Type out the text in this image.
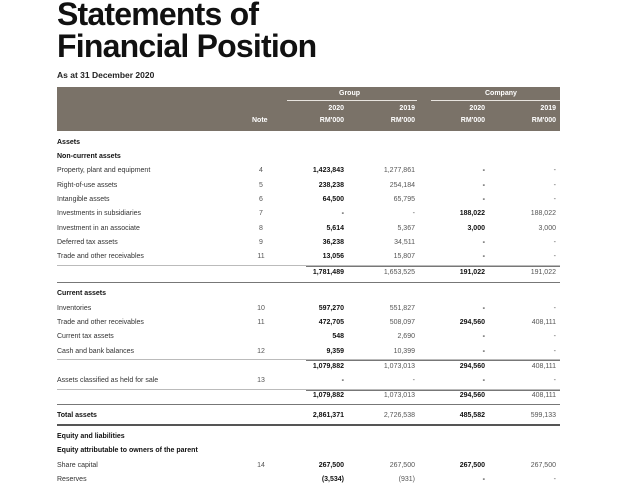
Statements of
Financial Position
As at 31 December 2020
Group	Company
Note
2020	2019	2020	2019
RM'000	RM'000	RM'000	RM'000
Assets
Non-current assets
Property, plant and equipment	4	1,423,843	1,277,861	-	-
Right-of-use assets	5	238,238	254,184	-	-
Intangible assets	6	64,500	65,795	-	-
Investments in subsidiaries	7	-	-	188,022	188,022
Investment in an associate	8	5,614	5,367	3,000	3,000
Deferred tax assets	9	36,238	34,511	-	-
Trade and other receivables	11	13,056	15,807	-	-
1,781,489	1,653,525	191,022	191,022
Current assets
Inventories	10	597,270	551,827	-	-
Trade and other receivables	11	472,705	508,097	294,560	408,111
Current tax assets	548	2,690	-	-
Cash and bank balances	12	9,359	10,399	-	-
1,079,882	1,073,013	294,560	408,111
Assets classified as held for sale	13	-	-	-	-
1,079,882	1,073,013	294,560	408,111
Total assets	2,861,371	2,726,538	485,582	599,133
Equity and liabilities
Equity attributable to owners of the parent
Share capital	14	267,500	267,500	267,500	267,500
Reserves	(3,534)	(931)	-	-
